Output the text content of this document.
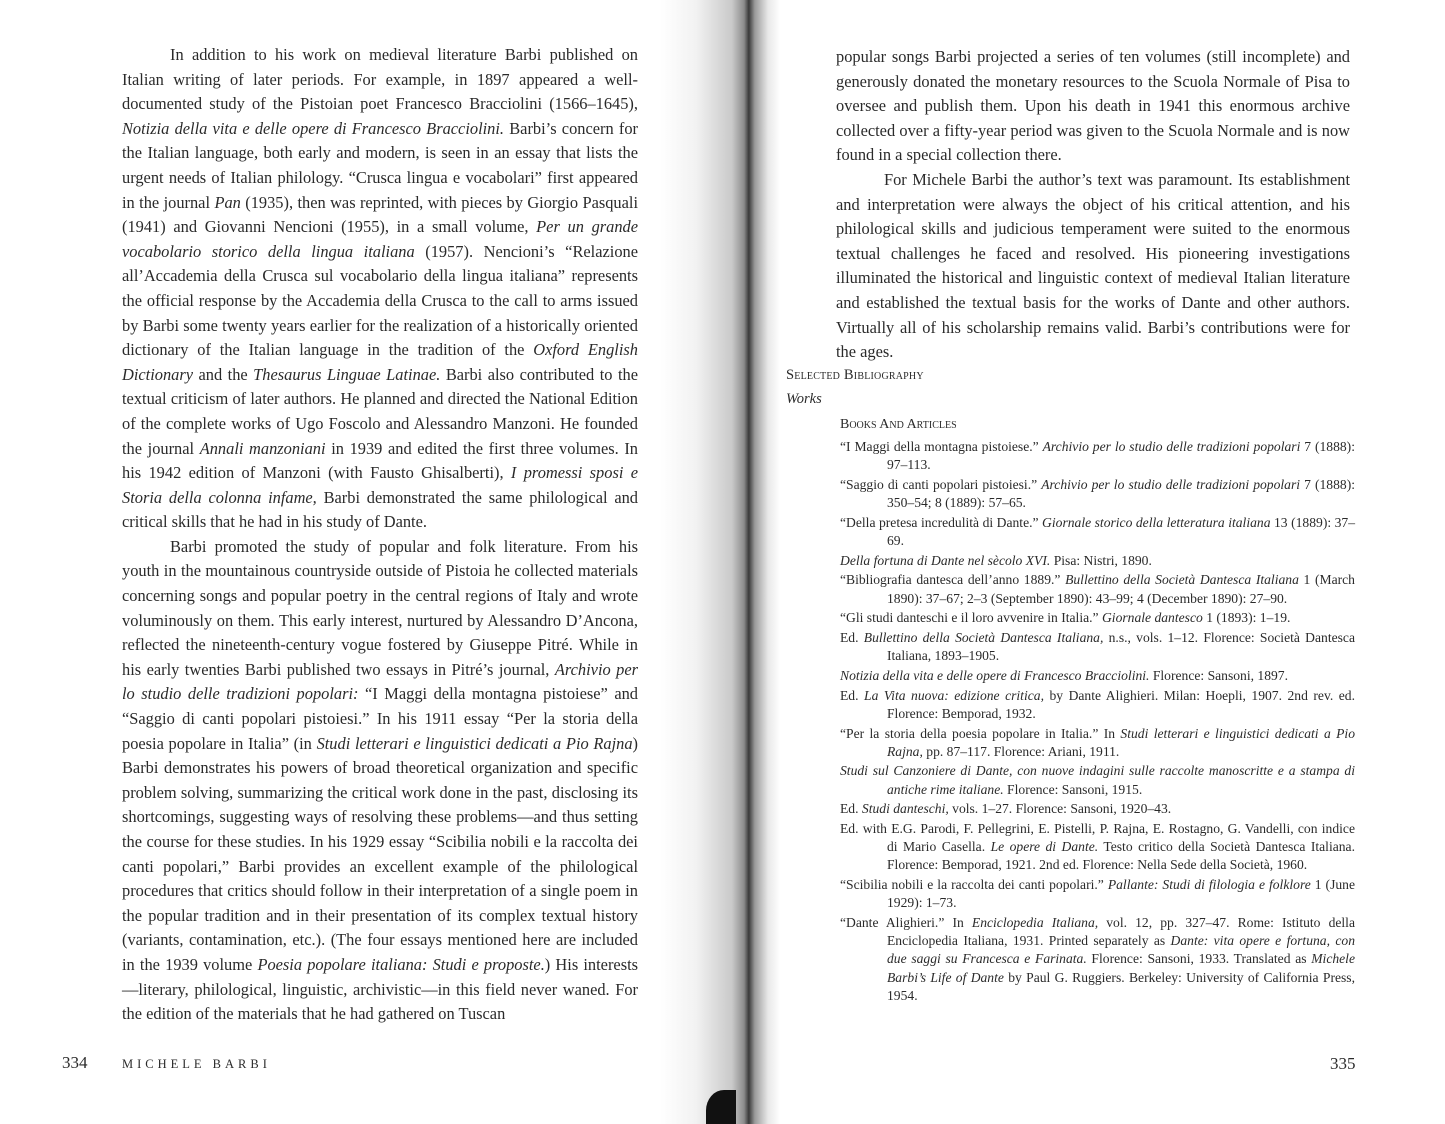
In addition to his work on medieval literature Barbi published on Italian writing of later periods. For example, in 1897 appeared a well-documented study of the Pistoian poet Francesco Bracciolini (1566–1645), Notizia della vita e delle opere di Francesco Bracciolini. Barbi’s concern for the Italian language, both early and modern, is seen in an essay that lists the urgent needs of Italian philology. “Crusca lingua e vocabolari” first appeared in the journal Pan (1935), then was reprinted, with pieces by Giorgio Pasquali (1941) and Giovanni Nencioni (1955), in a small volume, Per un grande vocabolario storico della lingua italiana (1957). Nencioni’s “Relazione all’Accademia della Crusca sul vocabolario della lingua italiana” represents the official response by the Accademia della Crusca to the call to arms issued by Barbi some twenty years earlier for the realization of a historically oriented dictionary of the Italian language in the tradition of the Oxford English Dictionary and the Thesaurus Linguae Latinae. Barbi also contributed to the textual criticism of later authors. He planned and directed the National Edition of the complete works of Ugo Foscolo and Alessandro Manzoni. He founded the journal Annali manzoniani in 1939 and edited the first three volumes. In his 1942 edition of Manzoni (with Fausto Ghisalberti), I promessi sposi e Storia della colonna infame, Barbi demonstrated the same philological and critical skills that he had in his study of Dante.

Barbi promoted the study of popular and folk literature. From his youth in the mountainous countryside outside of Pistoia he collected materials concerning songs and popular poetry in the central regions of Italy and wrote voluminously on them. This early interest, nurtured by Alessandro D’Ancona, reflected the nineteenth-century vogue fostered by Giuseppe Pitré. While in his early twenties Barbi published two essays in Pitré’s journal, Archivio per lo studio delle tradizioni popolari: “I Maggi della montagna pistoiese” and “Saggio di canti popolari pistoiesi.” In his 1911 essay “Per la storia della poesia popolare in Italia” (in Studi letterari e linguistici dedicati a Pio Rajna) Barbi demonstrates his powers of broad theoretical organization and specific problem solving, summarizing the critical work done in the past, disclosing its shortcomings, suggesting ways of resolving these problems—and thus setting the course for these studies. In his 1929 essay “Scibilia nobili e la raccolta dei canti popolari,” Barbi provides an excellent example of the philological procedures that critics should follow in their interpretation of a single poem in the popular tradition and in their presentation of its complex textual history (variants, contamination, etc.). (The four essays mentioned here are included in the 1939 volume Poesia popolare italiana: Studi e proposte.) His interests—literary, philological, linguistic, archivistic—in this field never waned. For the edition of the materials that he had gathered on Tuscan

334	MICHELE BARBI

popular songs Barbi projected a series of ten volumes (still incomplete) and generously donated the monetary resources to the Scuola Normale of Pisa to oversee and publish them. Upon his death in 1941 this enormous archive collected over a fifty-year period was given to the Scuola Normale and is now found in a special collection there.

For Michele Barbi the author’s text was paramount. Its establishment and interpretation were always the object of his critical attention, and his philological skills and judicious temperament were suited to the enormous textual challenges he faced and resolved. His pioneering investigations illuminated the historical and linguistic context of medieval Italian literature and established the textual basis for the works of Dante and other authors. Virtually all of his scholarship remains valid. Barbi’s contributions were for the ages.

Selected Bibliography
Works
Books And Articles
“I Maggi della montagna pistoiese.” Archivio per lo studio delle tradizioni popolari 7 (1888): 97–113.
“Saggio di canti popolari pistoiesi.” Archivio per lo studio delle tradizioni popolari 7 (1888): 350–54; 8 (1889): 57–65.
“Della pretesa incredulità di Dante.” Giornale storico della letteratura italiana 13 (1889): 37–69.
Della fortuna di Dante nel sècolo XVI. Pisa: Nistri, 1890.
“Bibliografia dantesca dell’anno 1889.” Bullettino della Società Dantesca Italiana 1 (March 1890): 37–67; 2–3 (September 1890): 43–99; 4 (December 1890): 27–90.
“Gli studi danteschi e il loro avvenire in Italia.” Giornale dantesco 1 (1893): 1–19.
Ed. Bullettino della Società Dantesca Italiana, n.s., vols. 1–12. Florence: Società Dantesca Italiana, 1893–1905.
Notizia della vita e delle opere di Francesco Bracciolini. Florence: Sansoni, 1897.
Ed. La Vita nuova: edizione critica, by Dante Alighieri. Milan: Hoepli, 1907. 2nd rev. ed. Florence: Bemporad, 1932.
“Per la storia della poesia popolare in Italia.” In Studi letterari e linguistici dedicati a Pio Rajna, pp. 87–117. Florence: Ariani, 1911.
Studi sul Canzoniere di Dante, con nuove indagini sulle raccolte manoscritte e a stampa di antiche rime italiane. Florence: Sansoni, 1915.
Ed. Studi danteschi, vols. 1–27. Florence: Sansoni, 1920–43.
Ed. with E.G. Parodi, F. Pellegrini, E. Pistelli, P. Rajna, E. Rostagno, G. Vandelli, con indice di Mario Casella. Le opere di Dante. Testo critico della Società Dantesca Italiana. Florence: Bemporad, 1921. 2nd ed. Florence: Nella Sede della Società, 1960.
“Scibilia nobili e la raccolta dei canti popolari.” Pallante: Studi di filologia e folklore 1 (June 1929): 1–73.
“Dante Alighieri.” In Enciclopedia Italiana, vol. 12, pp. 327–47. Rome: Istituto della Enciclopedia Italiana, 1931. Printed separately as Dante: vita opere e fortuna, con due saggi su Francesca e Farinata. Florence: Sansoni, 1933. Translated as Michele Barbi’s Life of Dante by Paul G. Ruggiers. Berkeley: University of California Press, 1954.
335
